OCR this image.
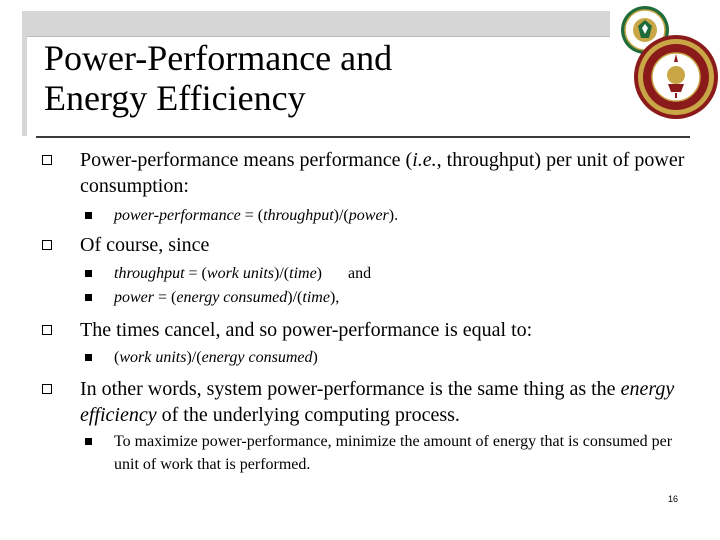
Power-Performance and
Energy Efficiency
Power-performance means performance (i.e., throughput) per unit of power consumption:
power-performance = (throughput)/(power).
Of course, since
throughput = (work units)/(time) and
power = (energy consumed)/(time),
The times cancel, and so power-performance is equal to:
(work units)/(energy consumed)
In other words, system power-performance is the same thing as the energy efficiency of the underlying computing process.
To maximize power-performance, minimize the amount of energy that is consumed per unit of work that is performed.
16
